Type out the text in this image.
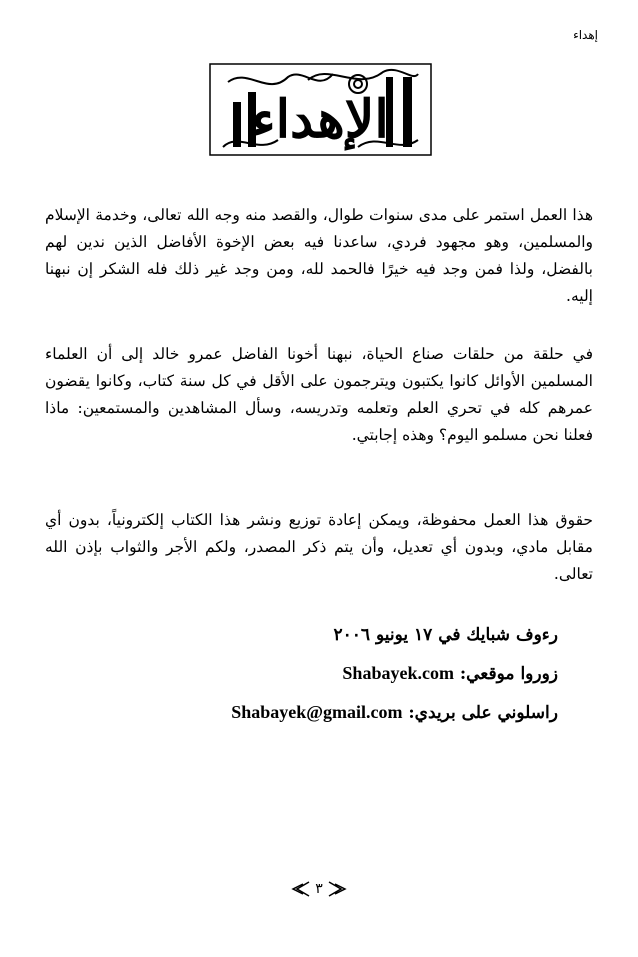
إهداء
الإهداء

هذا العمل استمر على مدى سنوات طوال، والقصد منه وجه الله تعالى، وخدمة الإسلام والمسلمين، وهو مجهود فردي، ساعدنا فيه بعض الإخوة الأفاضل الذين ندين لهم بالفضل، ولذا فمن وجد فيه خيرًا فالحمد لله، ومن وجد غير ذلك فله الشكر إن نبهنا إليه.

في حلقة من حلقات صناع الحياة، نبهنا أخونا الفاضل عمرو خالد إلى أن العلماء المسلمين الأوائل كانوا يكتبون ويترجمون على الأقل في كل سنة كتاب، وكانوا يقضون عمرهم كله في تحري العلم وتعلمه وتدريسه، وسأل المشاهدين والمستمعين: ماذا فعلنا نحن مسلمو اليوم؟ وهذه إجابتي.

حقوق هذا العمل محفوظة، ويمكن إعادة توزيع ونشر هذا الكتاب إلكترونياً، بدون أي مقابل مادي، وبدون أي تعديل، وأن يتم ذكر المصدر، ولكم الأجر والثواب بإذن الله تعالى.

رءوف شبايك في ١٧ يونيو ٢٠٠٦
زوروا موقعي: Shabayek.com
راسلوني على بريدي: Shabayek@gmail.com
٣
